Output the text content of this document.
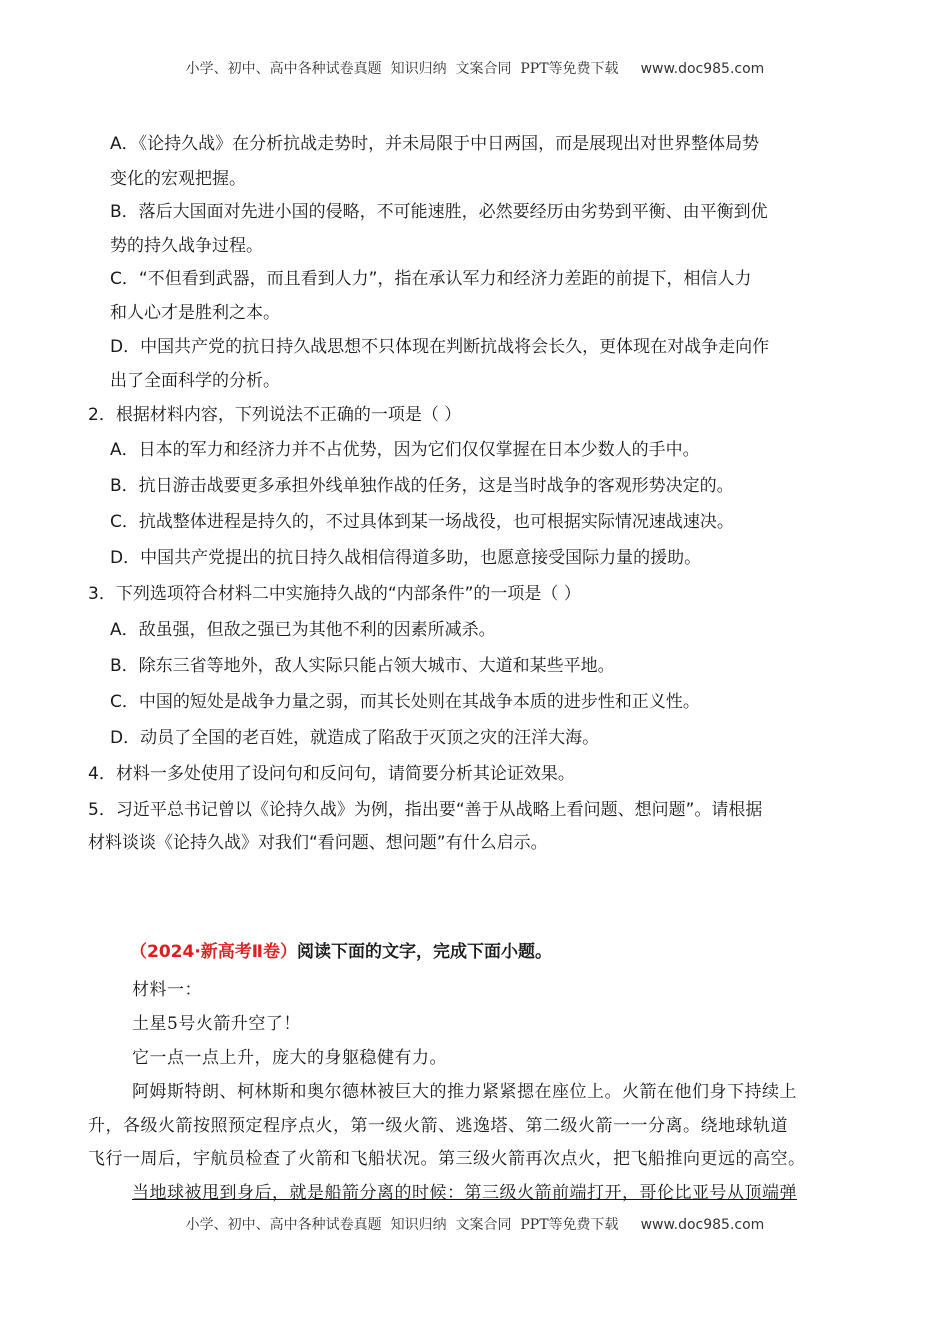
小学、初中、高中各种试卷真题  知识归纳  文案合同  PPT等免费下载 www.doc985.com
A．《论持久战》在分析抗战走势时，并未局限于中日两国，而是展现出对世界整体局势
变化的宏观把握。
B．落后大国面对先进小国的侵略，不可能速胜，必然要经历由劣势到平衡、由平衡到优
势的持久战争过程。
C．“不但看到武器，而且看到人力”，指在承认军力和经济力差距的前提下，相信人力
和人心才是胜利之本。
D．中国共产党的抗日持久战思想不只体现在判断抗战将会长久，更体现在对战争走向作
出了全面科学的分析。
2．根据材料内容，下列说法不正确的一项是（ ）
A．日本的军力和经济力并不占优势，因为它们仅仅掌握在日本少数人的手中。
B．抗日游击战要更多承担外线单独作战的任务，这是当时战争的客观形势决定的。
C．抗战整体进程是持久的，不过具体到某一场战役，也可根据实际情况速战速决。
D．中国共产党提出的抗日持久战相信得道多助，也愿意接受国际力量的援助。
3．下列选项符合材料二中实施持久战的“内部条件”的一项是（ ）
A．敌虽强，但敌之强已为其他不利的因素所减杀。
B．除东三省等地外，敌人实际只能占领大城市、大道和某些平地。
C．中国的短处是战争力量之弱，而其长处则在其战争本质的进步性和正义性。
D．动员了全国的老百姓，就造成了陷敌于灭顶之灾的汪洋大海。
4．材料一多处使用了设问句和反问句，请简要分析其论证效果。
5．习近平总书记曾以《论持久战》为例，指出要“善于从战略上看问题、想问题”。请根据
材料谈谈《论持久战》对我们“看问题、想问题”有什么启示。
（2024·新高考Ⅱ卷）阅读下面的文字，完成下面小题。
材料一：
土星5号火箭升空了！
它一点一点上升，庞大的身躯稳健有力。
阿姆斯特朗、柯林斯和奥尔德林被巨大的推力紧紧摁在座位上。火箭在他们身下持续上
升，各级火箭按照预定程序点火，第一级火箭、逃逸塔、第二级火箭一一分离。绕地球轨道
飞行一周后，宇航员检查了火箭和飞船状况。第三级火箭再次点火，把飞船推向更远的高空。
当地球被甩到身后，就是船箭分离的时候：第三级火箭前端打开，哥伦比亚号从顶端弹
小学、初中、高中各种试卷真题  知识归纳  文案合同  PPT等免费下载 www.doc985.com
